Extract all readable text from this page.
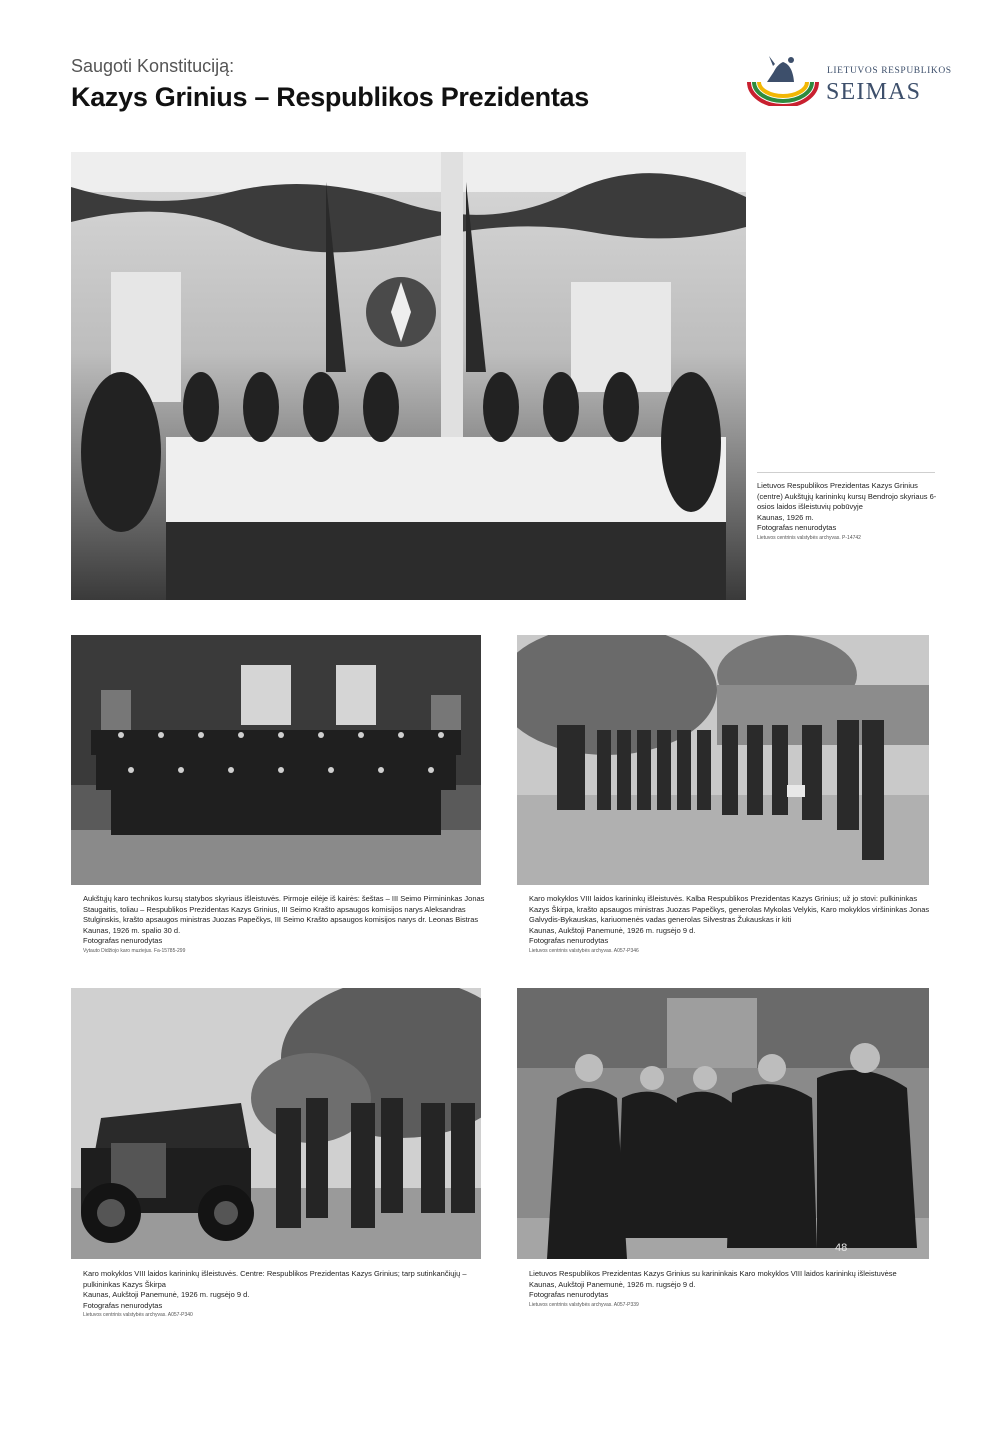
Saugoti Konstituciją:
Kazys Grinius – Respublikos Prezidentas
LIETUVOS RESPUBLIKOS
SEIMAS
Lietuvos Respublikos Prezidentas Kazys Grinius (centre) Aukštųjų karininkų kursų Bendrojo skyriaus 6-osios laidos išleistuvių pobūvyje
Kaunas, 1926 m.
Fotografas nenurodytas
Lietuvos centrinis valstybės archyvas. P-14742
Aukštųjų karo technikos kursų statybos skyriaus išleistuvės. Pirmoje eilėje iš kairės: šeštas – III Seimo Pirmininkas Jonas Staugaitis, toliau – Respublikos Prezidentas Kazys Grinius, III Seimo Krašto apsaugos komisijos narys Aleksandras Stulginskis, krašto apsaugos ministras Juozas Papečkys, III Seimo Krašto apsaugos komisijos narys dr. Leonas Bistras
Kaunas, 1926 m. spalio 30 d.
Fotografas nenurodytas
Vytauto Didžiojo karo muziejus. Fa-15785-299
Karo mokyklos VIII laidos karininkų išleistuvės. Kalba Respublikos Prezidentas Kazys Grinius; už jo stovi: pulkininkas Kazys Škirpa, krašto apsaugos ministras Juozas Papečkys, generolas Mykolas Velykis, Karo mokyklos viršininkas Jonas Galvydis-Bykauskas, kariuomenės vadas generolas Silvestras Žukauskas ir kiti
Kaunas, Aukštoji Panemunė, 1926 m. rugsėjo 9 d.
Fotografas nenurodytas
Lietuvos centrinis valstybės archyvas. A057-P346
Karo mokyklos VIII laidos karininkų išleistuvės. Centre: Respublikos Prezidentas Kazys Grinius; tarp sutinkančiųjų – pulkininkas Kazys Škirpa
Kaunas, Aukštoji Panemunė, 1926 m. rugsėjo 9 d.
Fotografas nenurodytas
Lietuvos centrinis valstybės archyvas. A057-P340
48
Lietuvos Respublikos Prezidentas Kazys Grinius su karininkais Karo mokyklos VIII laidos karininkų išleistuvėse
Kaunas, Aukštoji Panemunė, 1926 m. rugsėjo 9 d.
Fotografas nenurodytas
Lietuvos centrinis valstybės archyvas. A057-P339
